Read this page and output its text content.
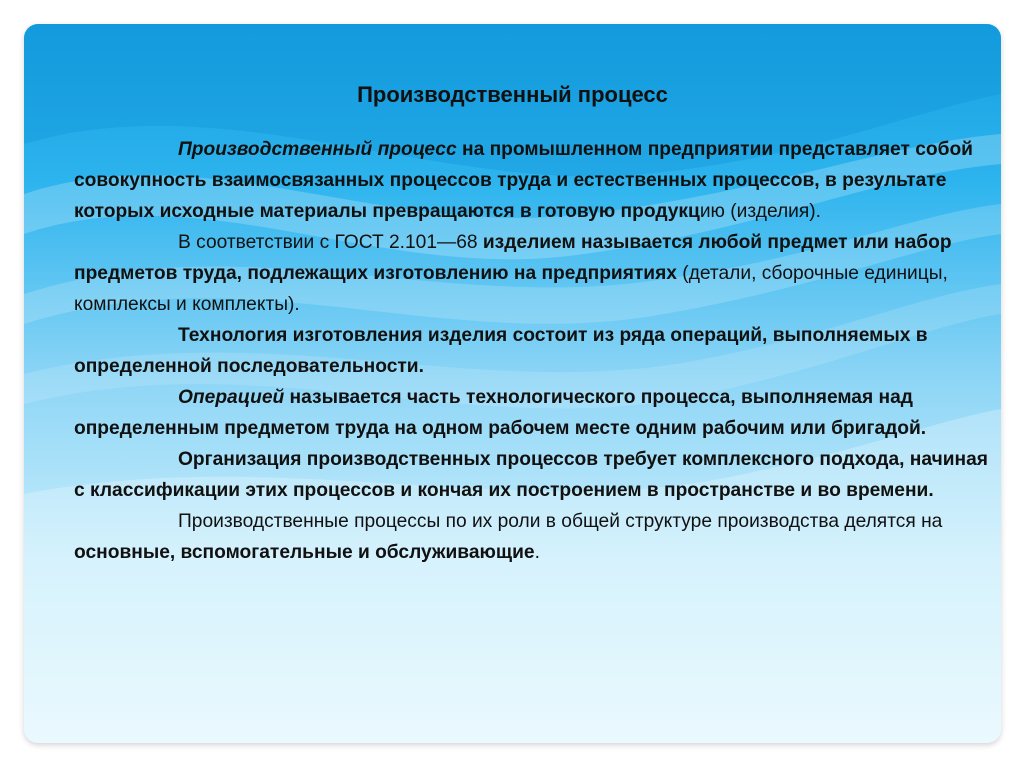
Производственный процесс

Производственный процесс на промышленном предприятии представляет собой совокупность взаимосвязанных процессов труда и естественных процессов, в результате которых исходные материалы превращаются в готовую продукцию (изделия).

В соответствии с ГОСТ 2.101—68 изделием называется любой предмет или набор предметов труда, подлежащих изготовлению на предприятиях (детали, сборочные единицы, комплексы и комплекты).

Технология изготовления изделия состоит из ряда операций, выполняемых в определенной последовательности.

Операцией называется часть технологического процесса, выполняемая над определенным предметом труда на одном рабочем месте одним рабочим или бригадой.

Организация производственных процессов требует комплексного подхода, начиная с классификации этих процессов и кончая их построением в пространстве и во времени.

Производственные процессы по их роли в общей структуре производства делятся на основные, вспомогательные и обслуживающие.
